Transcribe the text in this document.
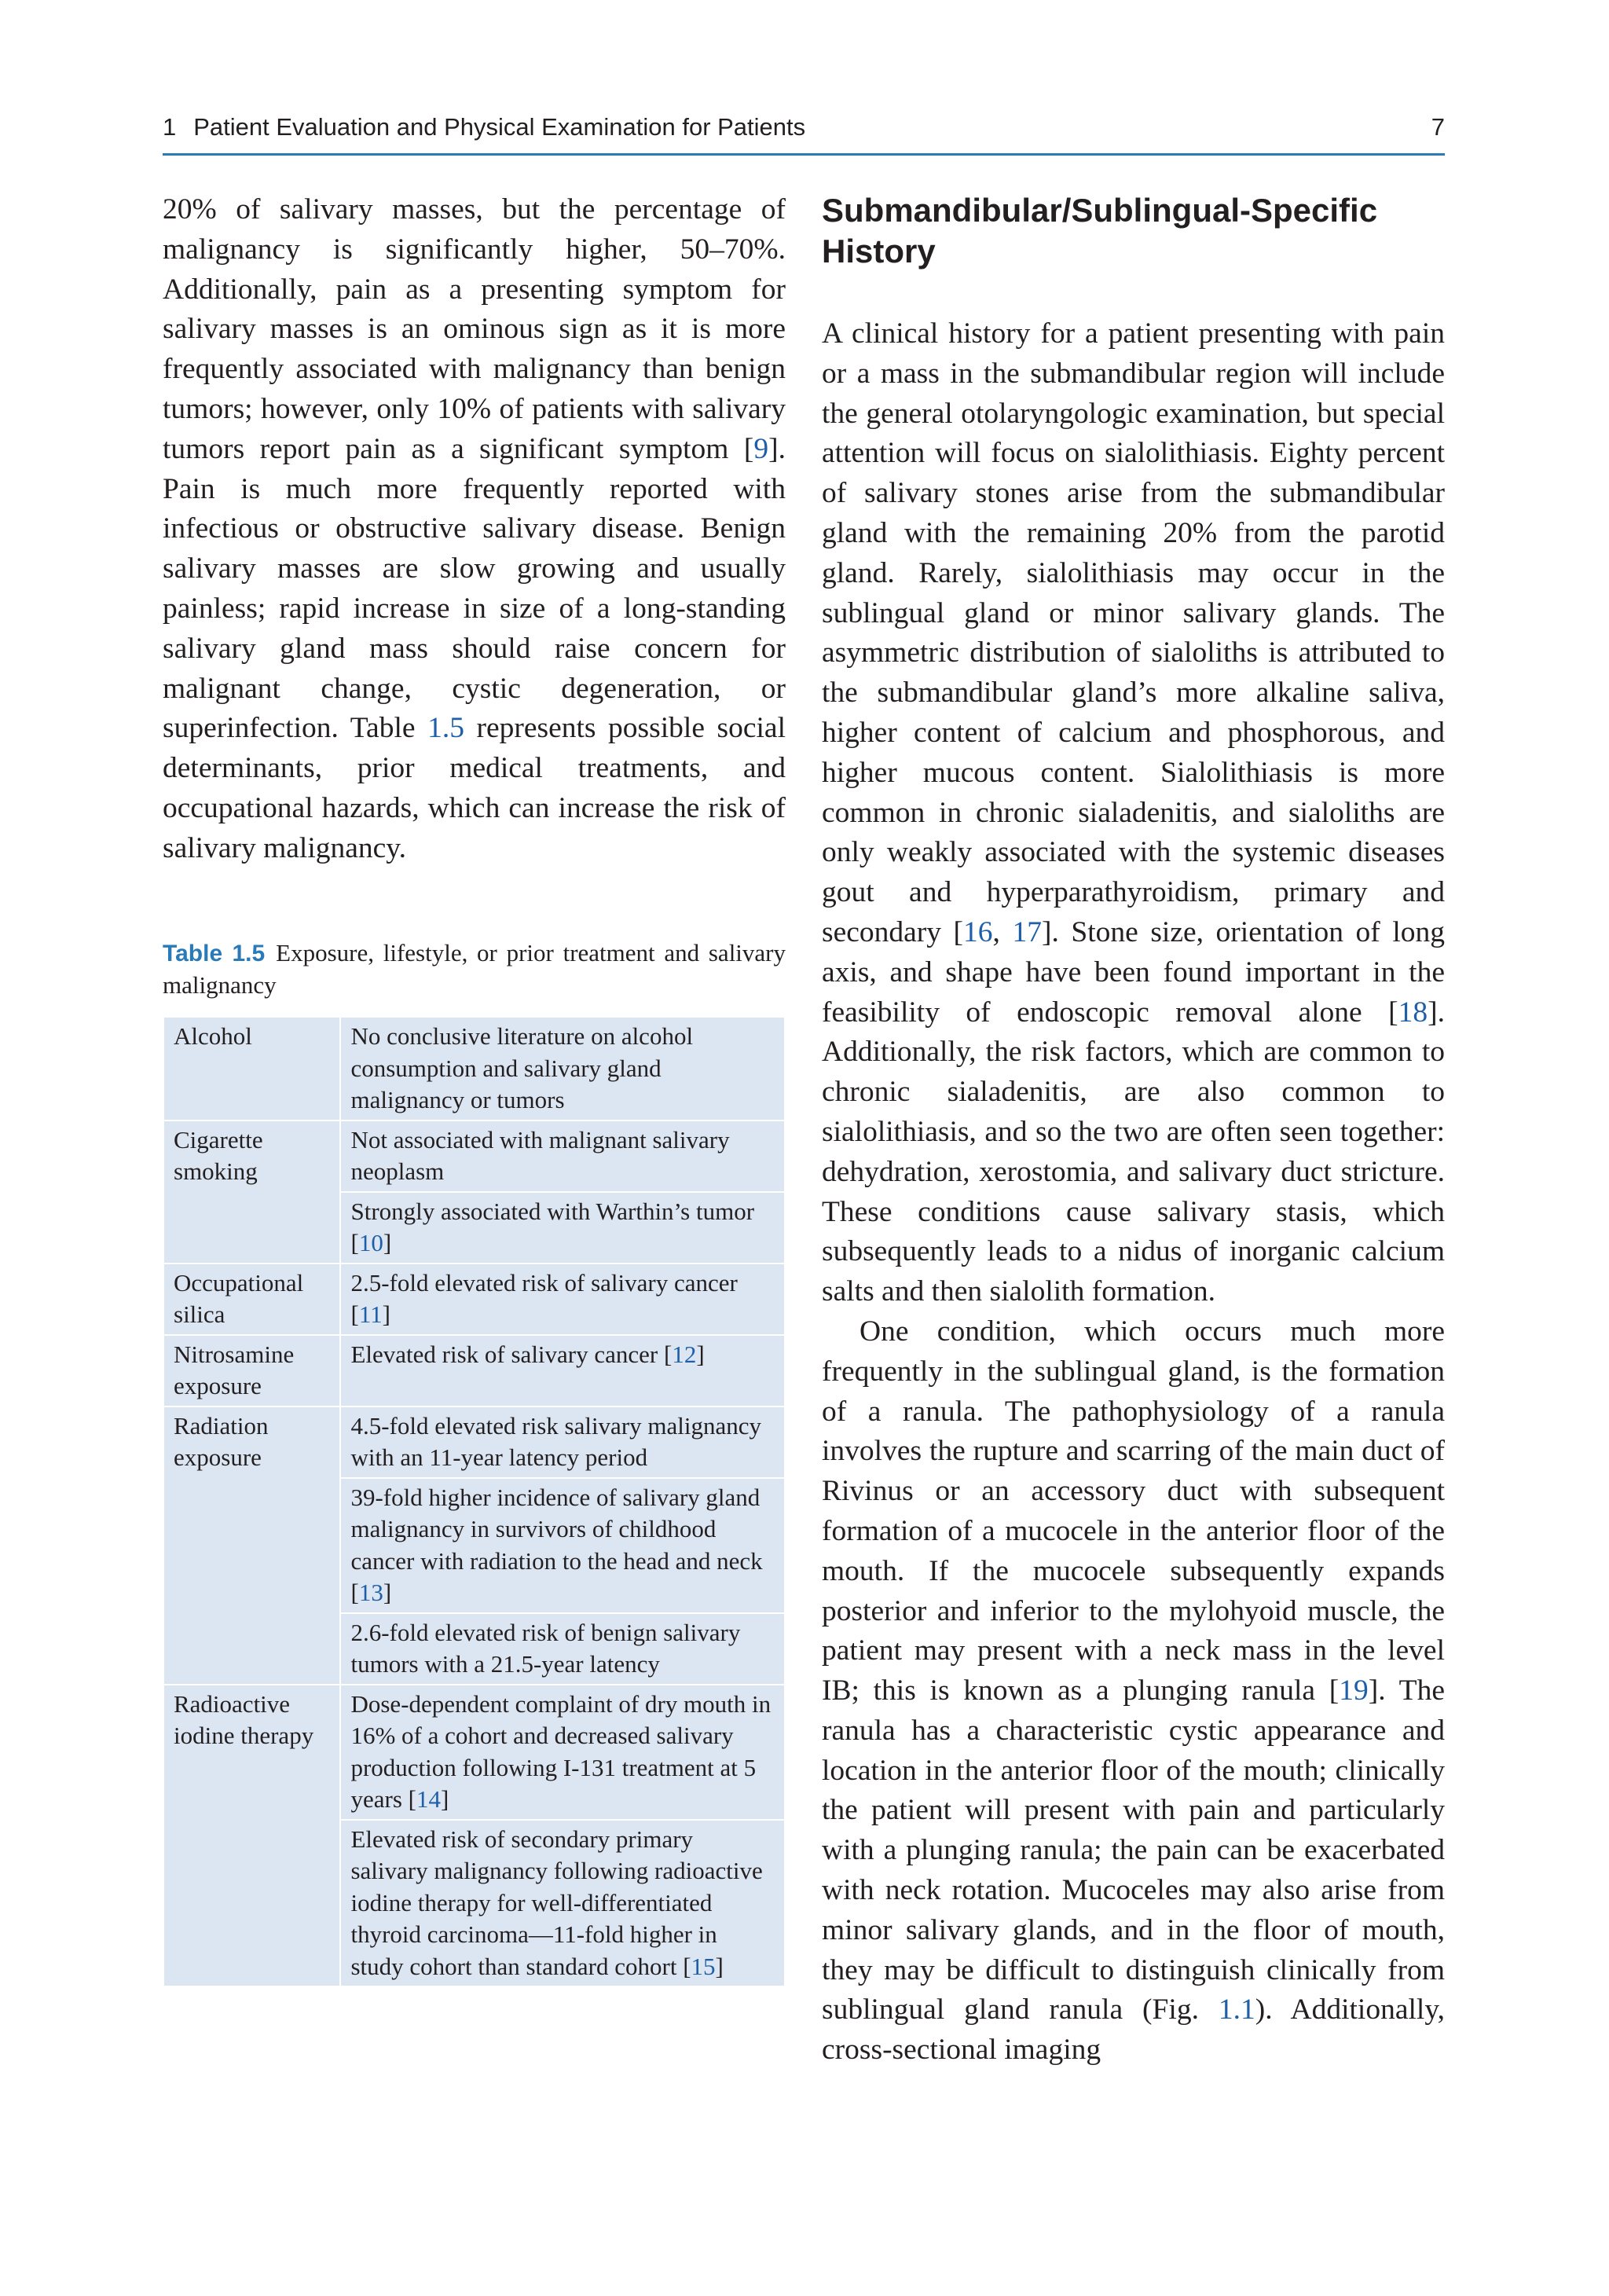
1 Patient Evaluation and Physical Examination for Patients	7

20% of salivary masses, but the percentage of malignancy is significantly higher, 50–70%. Additionally, pain as a presenting symptom for salivary masses is an ominous sign as it is more frequently associated with malignancy than benign tumors; however, only 10% of patients with salivary tumors report pain as a significant symptom [9]. Pain is much more frequently reported with infectious or obstructive salivary disease. Benign salivary masses are slow growing and usually painless; rapid increase in size of a long-standing salivary gland mass should raise concern for malignant change, cystic degeneration, or superinfection. Table 1.5 represents possible social determinants, prior medical treatments, and occupational hazards, which can increase the risk of salivary malignancy.

Table 1.5 Exposure, lifestyle, or prior treatment and salivary malignancy
Alcohol	No conclusive literature on alcohol consumption and salivary gland malignancy or tumors
Cigarette smoking	Not associated with malignant salivary neoplasm
	Strongly associated with Warthin’s tumor [10]
Occupational silica	2.5-fold elevated risk of salivary cancer [11]
Nitrosamine exposure	Elevated risk of salivary cancer [12]
Radiation exposure	4.5-fold elevated risk salivary malignancy with an 11-year latency period
	39-fold higher incidence of salivary gland malignancy in survivors of childhood cancer with radiation to the head and neck [13]
	2.6-fold elevated risk of benign salivary tumors with a 21.5-year latency
Radioactive iodine therapy	Dose-dependent complaint of dry mouth in 16% of a cohort and decreased salivary production following I-131 treatment at 5 years [14]
	Elevated risk of secondary primary salivary malignancy following radioactive iodine therapy for well-differentiated thyroid carcinoma—11-fold higher in study cohort than standard cohort [15]
Submandibular/Sublingual-Specific History

A clinical history for a patient presenting with pain or a mass in the submandibular region will include the general otolaryngologic examination, but special attention will focus on sialolithiasis. Eighty percent of salivary stones arise from the submandibular gland with the remaining 20% from the parotid gland. Rarely, sialolithiasis may occur in the sublingual gland or minor salivary glands. The asymmetric distribution of sialoliths is attributed to the submandibular gland’s more alkaline saliva, higher content of calcium and phosphorous, and higher mucous content. Sialolithiasis is more common in chronic sialadenitis, and sialoliths are only weakly associated with the systemic diseases gout and hyperparathyroidism, primary and secondary [16, 17]. Stone size, orientation of long axis, and shape have been found important in the feasibility of endoscopic removal alone [18]. Additionally, the risk factors, which are common to chronic sialadenitis, are also common to sialolithiasis, and so the two are often seen together: dehydration, xerostomia, and salivary duct stricture. These conditions cause salivary stasis, which subsequently leads to a nidus of inorganic calcium salts and then sialolith formation.

One condition, which occurs much more frequently in the sublingual gland, is the formation of a ranula. The pathophysiology of a ranula involves the rupture and scarring of the main duct of Rivinus or an accessory duct with subsequent formation of a mucocele in the anterior floor of the mouth. If the mucocele subsequently expands posterior and inferior to the mylohyoid muscle, the patient may present with a neck mass in the level IB; this is known as a plunging ranula [19]. The ranula has a characteristic cystic appearance and location in the anterior floor of the mouth; clinically the patient will present with pain and particularly with a plunging ranula; the pain can be exacerbated with neck rotation. Mucoceles may also arise from minor salivary glands, and in the floor of mouth, they may be difficult to distinguish clinically from sublingual gland ranula (Fig. 1.1). Additionally, cross-sectional imaging
